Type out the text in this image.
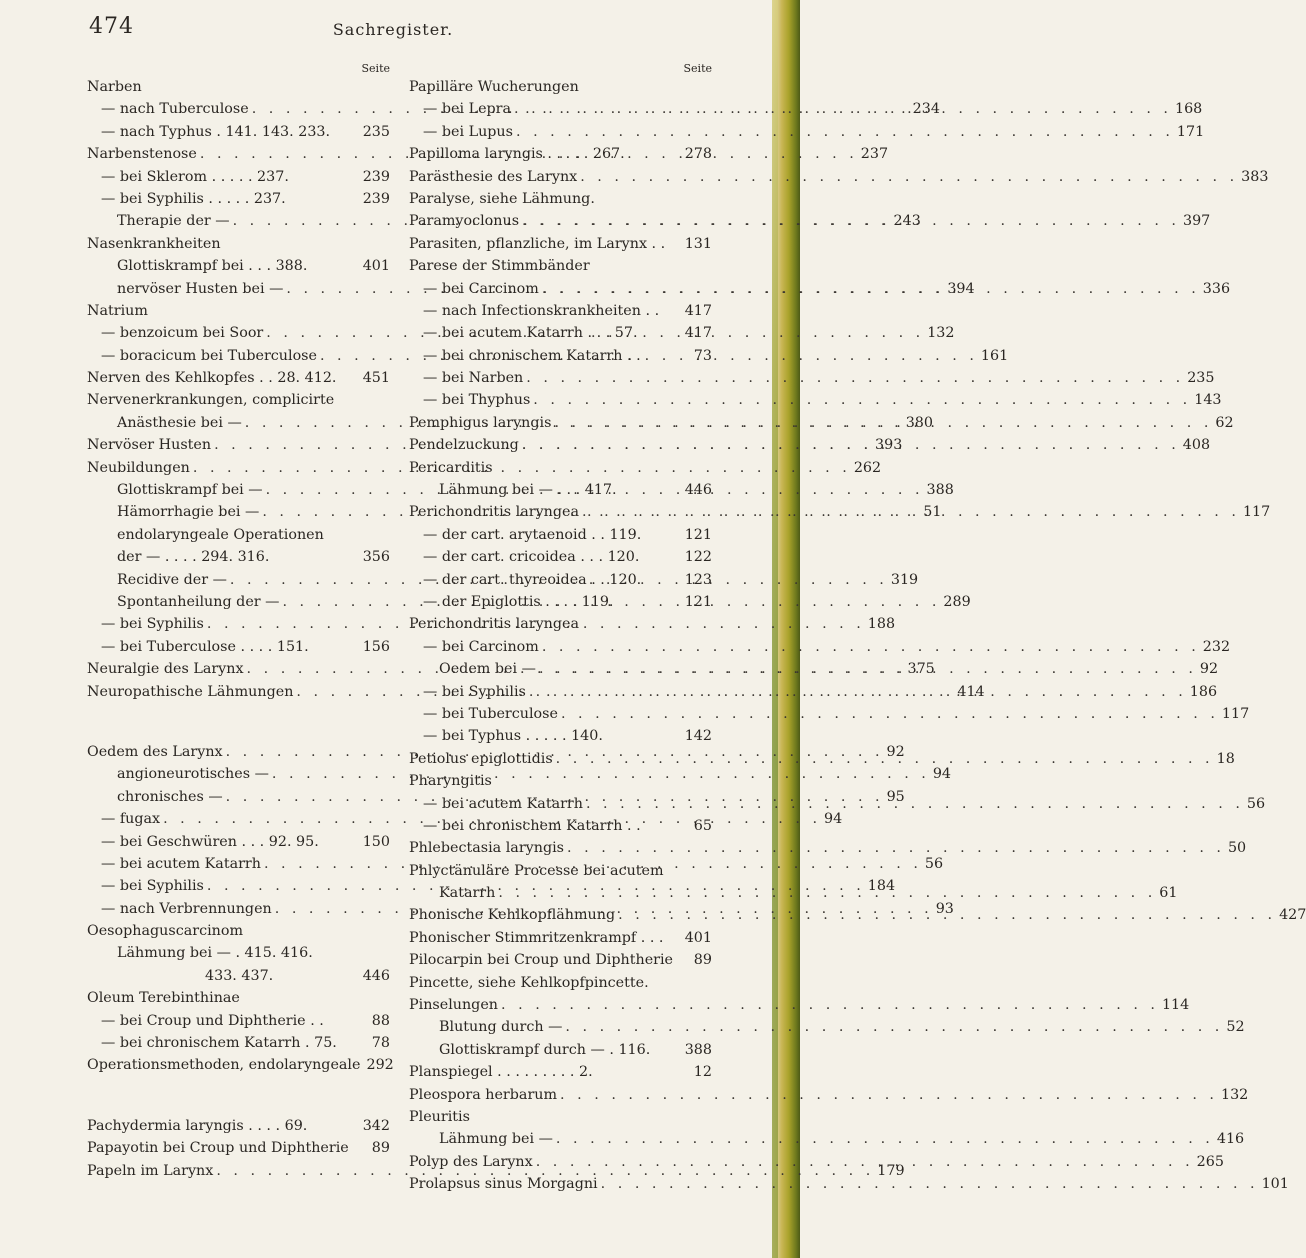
474	Sachregister.
Seite
Narben
— nach Tuberculose . . .	234
— nach Typhus . 141. 143. 233. 235
Narbenstenose . . .	237
— bei Sklerom . . . . . 237.	239
— bei Syphilis . . . . . 237.	239
Therapie der — . . .	243
Nasenkrankheiten
Glottiskrampf bei . . . 388.	401
nervöser Husten bei — . . .	394
Natrium
— benzoicum bei Soor . . .	132
— boracicum bei Tuberculose . . .	161
Nerven des Kehlkopfes . . 28. 412. 451
Nervenerkrankungen, complicirte
Anästhesie bei — . . .	380
Nervöser Husten . . .	393
Neubildungen . . .	262
Glottiskrampf bei — . . .	388
Hämorrhagie bei — . . .	51
endolaryngeale Operationen
der — . . . . 294. 316.	356
Recidive der — . . .	319
Spontanheilung der — . . .	289
— bei Syphilis . . .	188
— bei Tuberculose . . . . 151.	156
Neuralgie des Larynx . . .	375
Neuropathische Lähmungen . . .	414
Oedem des Larynx . . .	92
angioneurotisches — . . .	94
chronisches — . . .	95
— fugax . . .	94
— bei Geschwüren . . . 92. 95.	150
— bei acutem Katarrh . . .	56
— bei Syphilis . . .	184
— nach Verbrennungen . . .	93
Oesophaguscarcinom
Lähmung bei — . 415. 416.
433. 437.	446
Oleum Terebinthinae
— bei Croup und Diphtherie . .	88
— bei chronischem Katarrh . 75. 78
Operationsmethoden, endolaryngeale 292
Pachydermia laryngis . . . . 69.	342
Papayotin bei Croup und Diphtherie 89
Papeln im Larynx . . .	179
Seite
Papilläre Wucherungen
— bei Lepra . . .	168
— bei Lupus . . .	171
Papilloma laryngis . . . . . 267.	278
Parästhesie des Larynx . . .	383
Paralyse, siehe Lähmung.
Paramyoclonus . . .	397
Parasiten, pflanzliche, im Larynx . . 131
Parese der Stimmbänder
— bei Carcinom . . .	336
— nach Infectionskrankheiten . . 417
— bei acutem Katarrh . . . 57.	417
— bei chronischem Katarrh . .	73
— bei Narben . . .	235
— bei Thyphus . . .	143
Pemphigus laryngis . . .	62
Pendelzuckung . . .	408
Pericarditis
Lähmung bei — . . . 417.	446
Perichondritis laryngea . . .	117
— der cart. arytaenoid . . 119.	121
— der cart. cricoidea . . . 120.	122
— der cart. thyreoidea . . 120.	123
— der Epiglottis . . . . 119.	121
Perichondritis laryngea
— bei Carcinom . . .	232
Oedem bei — . . .	92
— bei Syphilis . . .	186
— bei Tuberculose . . .	117
— bei Typhus . . . . . 140.	142
Petiolus epiglottidis . . .	18
Pharyngitis
— bei acutem Katarrh . . .	56
— bei chronischem Katarrh . .	65
Phlebectasia laryngis . . .	50
Phlyctänuläre Processe bei acutem
Katarrh . . .	61
Phonische Kehlkopflähmung . . .	427
Phonischer Stimmritzenkrampf . . . 401
Pilocarpin bei Croup und Diphtherie 89
Pincette, siehe Kehlkopfpincette.
Pinselungen . . .	114
Blutung durch — . . .	52
Glottiskrampf durch — . 116. 388
Planspiegel . . . . . . . . . 2.	12
Pleospora herbarum . . .	132
Pleuritis
Lähmung bei — . . .	416
Polyp des Larynx . . .	265
Prolapsus sinus Morgagni . . .	101
